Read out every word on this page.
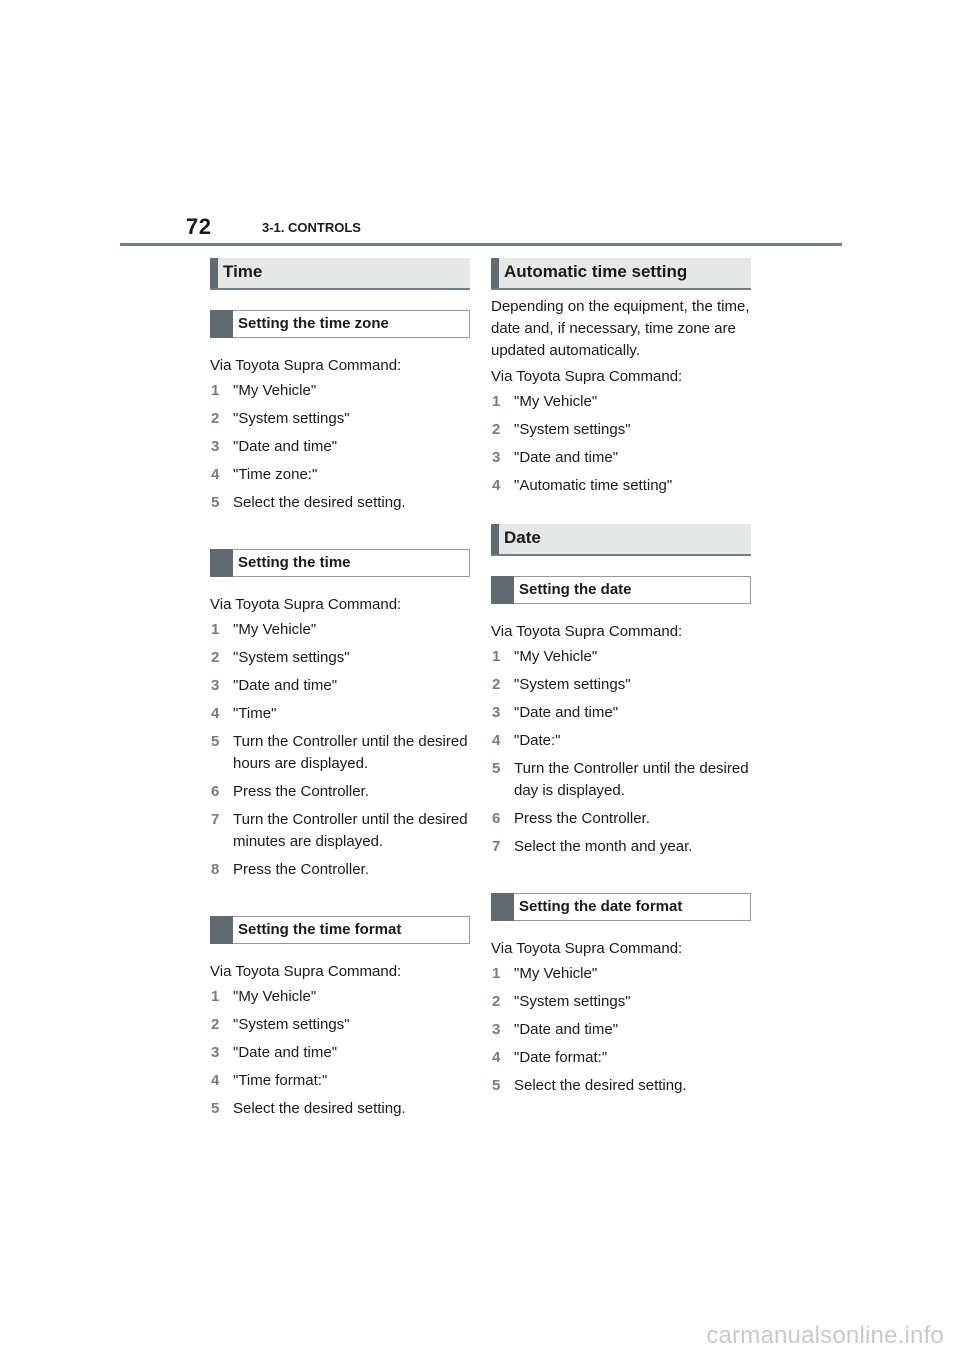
72	3-1. CONTROLS
Time
Setting the time zone

Via Toyota Supra Command:

1 "My Vehicle"
2 "System settings"
3 "Date and time"
4 "Time zone:"
5 Select the desired setting.
Setting the time

Via Toyota Supra Command:

1 "My Vehicle"
2 "System settings"
3 "Date and time"
4 "Time"
5 Turn the Controller until the desired hours are displayed.
6 Press the Controller.
7 Turn the Controller until the desired minutes are displayed.
8 Press the Controller.
Setting the time format

Via Toyota Supra Command:

1 "My Vehicle"
2 "System settings"
3 "Date and time"
4 "Time format:"
5 Select the desired setting.
Automatic time setting

Depending on the equipment, the time, date and, if necessary, time zone are updated automatically.

Via Toyota Supra Command:

1 "My Vehicle"
2 "System settings"
3 "Date and time"
4 "Automatic time setting"
Date
Setting the date

Via Toyota Supra Command:

1 "My Vehicle"
2 "System settings"
3 "Date and time"
4 "Date:"
5 Turn the Controller until the desired day is displayed.
6 Press the Controller.
7 Select the month and year.
Setting the date format

Via Toyota Supra Command:

1 "My Vehicle"
2 "System settings"
3 "Date and time"
4 "Date format:"
5 Select the desired setting.
carmanualsonline.info
